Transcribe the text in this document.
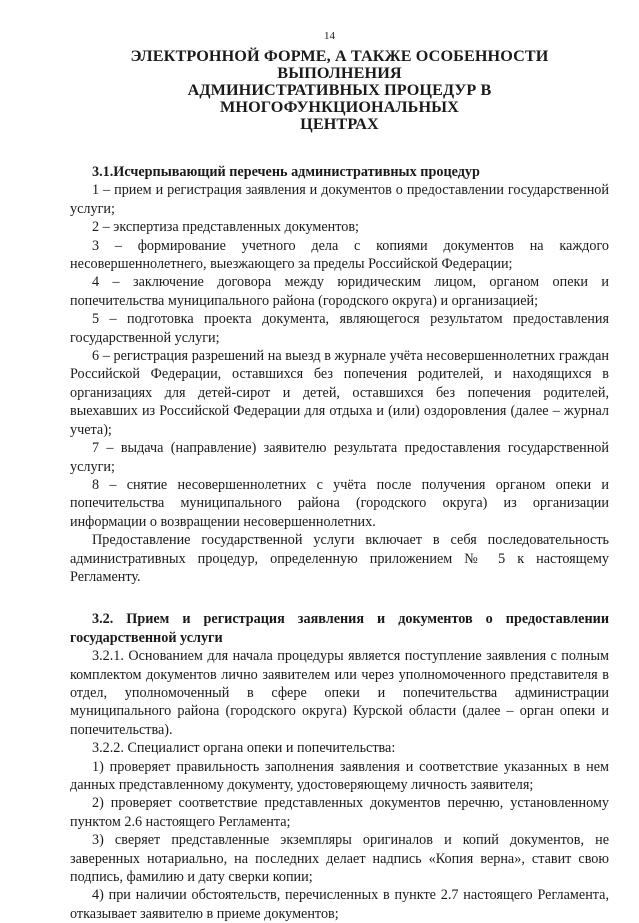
14
ЭЛЕКТРОННОЙ ФОРМЕ, А ТАКЖЕ ОСОБЕННОСТИ ВЫПОЛНЕНИЯ
АДМИНИСТРАТИВНЫХ ПРОЦЕДУР В МНОГОФУНКЦИОНАЛЬНЫХ
ЦЕНТРАХ
3.1.Исчерпывающий перечень административных процедур

1 – прием и регистрация заявления и документов о предоставлении государственной услуги;

2 – экспертиза представленных документов;

3 – формирование учетного дела с копиями документов на каждого несовершеннолетнего, выезжающего за пределы Российской Федерации;

4 – заключение договора между юридическим лицом, органом опеки и попечительства муниципального района (городского округа) и организацией;

5 – подготовка проекта документа, являющегося результатом предоставления государственной услуги;

6 – регистрация разрешений на выезд в журнале учёта несовершеннолетних граждан Российской Федерации, оставшихся без попечения родителей, и находящихся в организациях для детей-сирот и детей, оставшихся без попечения родителей, выехавших из Российской Федерации для отдыха и (или) оздоровления (далее – журнал учета);

7 – выдача (направление) заявителю результата предоставления государственной услуги;

8 – снятие несовершеннолетних с учёта после получения органом опеки и попечительства муниципального района (городского округа) из организации информации о возвращении несовершеннолетних.

Предоставление государственной услуги включает в себя последовательность административных процедур, определенную приложением № 5 к настоящему Регламенту.

3.2. Прием и регистрация заявления и документов о предоставлении государственной услуги

3.2.1. Основанием для начала процедуры является поступление заявления с полным комплектом документов лично заявителем или через уполномоченного представителя в отдел, уполномоченный в сфере опеки и попечительства администрации муниципального района (городского округа) Курской области (далее – орган опеки и попечительства).

3.2.2. Специалист органа опеки и попечительства:

1) проверяет правильность заполнения заявления и соответствие указанных в нем данных представленному документу, удостоверяющему личность заявителя;

2) проверяет соответствие представленных документов перечню, установленному пунктом 2.6 настоящего Регламента;

3) сверяет представленные экземпляры оригиналов и копий документов, не заверенных нотариально, на последних делает надпись «Копия верна», ставит свою подпись, фамилию и дату сверки копии;

4) при наличии обстоятельств, перечисленных в пункте 2.7 настоящего Регламента, отказывает заявителю в приеме документов;
